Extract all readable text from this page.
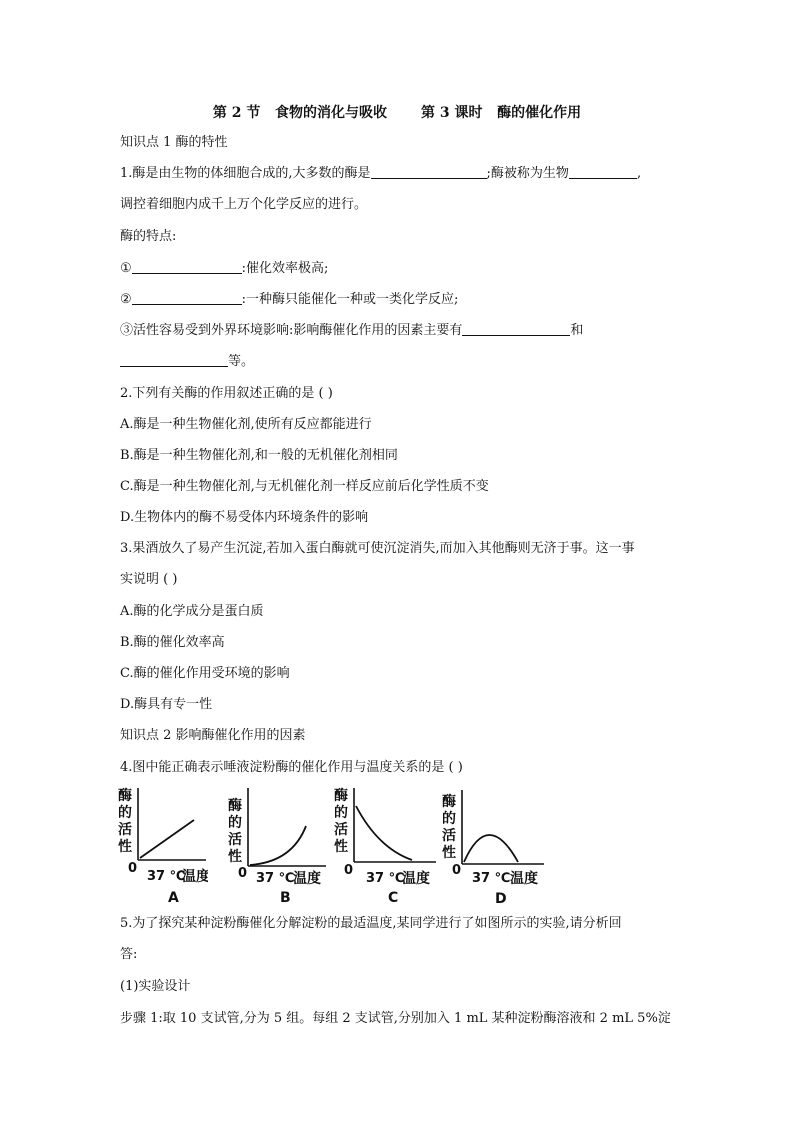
第 2 节   食物的消化与吸收       第 3 课时   酶的催化作用
知识点 1 酶的特性
1.酶是由生物的体细胞合成的,大多数的酶是	;酶被称为生物	,
调控着细胞内成千上万个化学反应的进行。
酶的特点:
①	:催化效率极高;
②	:一种酶只能催化一种或一类化学反应;
③活性容易受到外界环境影响:影响酶催化作用的因素主要有	和
等。
2.下列有关酶的作用叙述正确的是 ( )
A.酶是一种生物催化剂,使所有反应都能进行
B.酶是一种生物催化剂,和一般的无机催化剂相同
C.酶是一种生物催化剂,与无机催化剂一样反应前后化学性质不变
D.生物体内的酶不易受体内环境条件的影响
3.果酒放久了易产生沉淀,若加入蛋白酶就可使沉淀消失,而加入其他酶则无济于事。这一事
实说明 ( )
A.酶的化学成分是蛋白质
B.酶的催化效率高
C.酶的催化作用受环境的影响
D.酶具有专一性
知识点 2 影响酶催化作用的因素
4.图中能正确表示唾液淀粉酶的催化作用与温度关系的是 ( )
酶
的
活
性
0
37 ℃
温度
A
酶
的
活
性
0 37 ℃
温度
B
酶
的
活
性
0
37 ℃
温度
C
酶
的
活
性
0
37 ℃ 温度
D
5.为了探究某种淀粉酶催化分解淀粉的最适温度,某同学进行了如图所示的实验,请分析回
答:
(1)实验设计
步骤 1:取 10 支试管,分为 5 组。每组 2 支试管,分别加入 1 mL 某种淀粉酶溶液和 2 mL 5%淀
